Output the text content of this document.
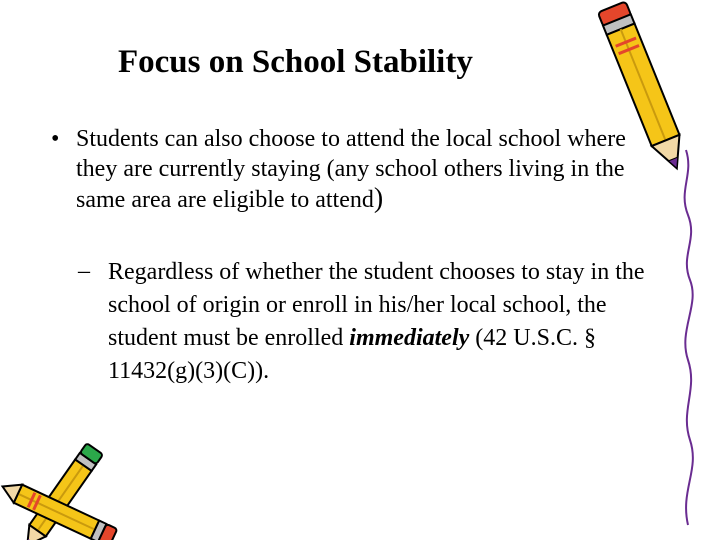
Focus on School Stability
• Students can also choose to attend the local school where they are currently staying (any school others living in the same area are eligible to attend)

– Regardless of whether the student chooses to stay in the school of origin or enroll in his/her local school, the student must be enrolled immediately (42 U.S.C. § 11432(g)(3)(C)).
